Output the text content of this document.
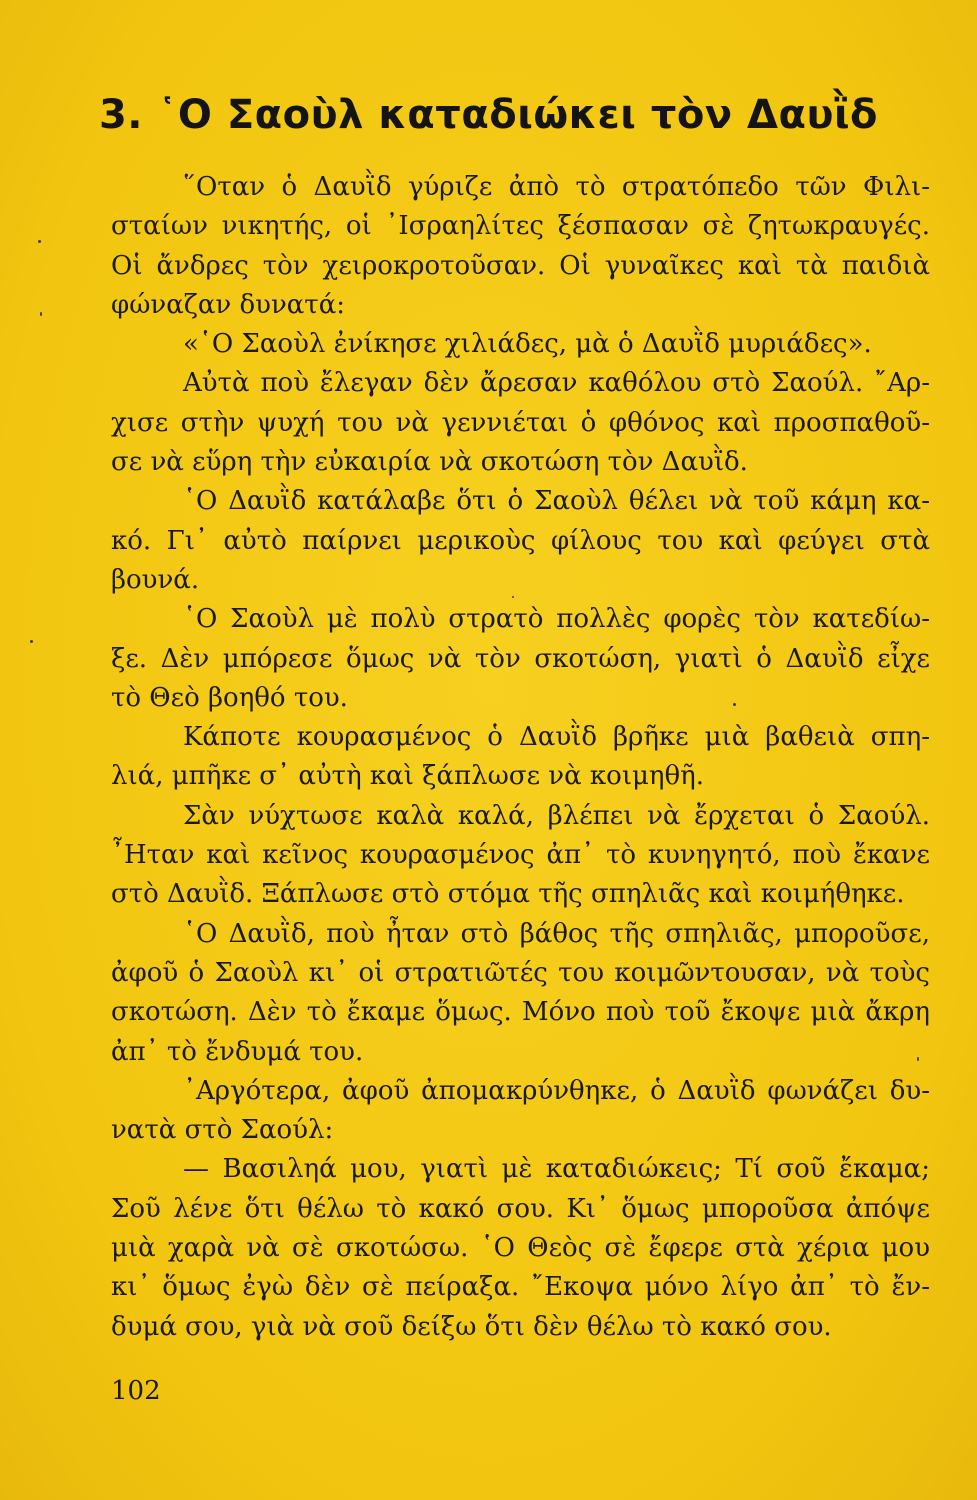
3. ῾Ο Σαοὺλ καταδιώκει τὸν Δαυῒδ
῞Οταν ὁ Δαυῒδ γύριζε ἀπὸ τὸ στρατόπεδο τῶν Φιλι-
σταίων νικητής, οἱ ᾿Ισραηλίτες ξέσπασαν σὲ ζητωκραυγές.
Οἱ ἄνδρες τὸν χειροκροτοῦσαν. Οἱ γυναῖκες καὶ τὰ παιδιὰ
φώναζαν δυνατά:
«῾Ο Σαοὺλ ἐνίκησε χιλιάδες, μὰ ὁ Δαυῒδ μυριάδες».
Αὐτὰ ποὺ ἔλεγαν δὲν ἄρεσαν καθόλου στὸ Σαούλ. ῎Αρ-
χισε στὴν ψυχή του νὰ γεννιέται ὁ φθόνος καὶ προσπαθοῦ-
σε νὰ εὕρη τὴν εὐκαιρία νὰ σκοτώση τὸν Δαυῒδ.
῾Ο Δαυῒδ κατάλαβε ὅτι ὁ Σαοὺλ θέλει νὰ τοῦ κάμη κα-
κό. Γι᾿ αὐτὸ παίρνει μερικοὺς φίλους του καὶ φεύγει στὰ
βουνά.
῾Ο Σαοὺλ μὲ πολὺ στρατὸ πολλὲς φορὲς τὸν κατεδίω-
ξε. Δὲν μπόρεσε ὅμως νὰ τὸν σκοτώση, γιατὶ ὁ Δαυῒδ εἶχε
τὸ Θεὸ βοηθό του.
Κάποτε κουρασμένος ὁ Δαυῒδ βρῆκε μιὰ βαθειὰ σπη-
λιά, μπῆκε σ᾿ αὐτὴ καὶ ξάπλωσε νὰ κοιμηθῆ.
Σὰν νύχτωσε καλὰ καλά, βλέπει νὰ ἔρχεται ὁ Σαούλ.
῏Ηταν καὶ κεῖνος κουρασμένος ἀπ᾿ τὸ κυνηγητό, ποὺ ἔκανε
στὸ Δαυῒδ. Ξάπλωσε στὸ στόμα τῆς σπηλιᾶς καὶ κοιμήθηκε.
῾Ο Δαυῒδ, ποὺ ἦταν στὸ βάθος τῆς σπηλιᾶς, μποροῦσε,
ἀφοῦ ὁ Σαοὺλ κι᾿ οἱ στρατιῶτές του κοιμῶντουσαν, νὰ τοὺς
σκοτώση. Δὲν τὸ ἔκαμε ὅμως. Μόνο ποὺ τοῦ ἔκοψε μιὰ ἄκρη
ἀπ᾿ τὸ ἔνδυμά του.
᾿Αργότερα, ἀφοῦ ἀπομακρύνθηκε, ὁ Δαυῒδ φωνάζει δυ-
νατὰ στὸ Σαούλ:
— Βασιληά μου, γιατὶ μὲ καταδιώκεις; Τί σοῦ ἔκαμα;
Σοῦ λένε ὅτι θέλω τὸ κακό σου. Κι᾿ ὅμως μποροῦσα ἀπόψε
μιὰ χαρὰ νὰ σὲ σκοτώσω. ῾Ο Θεὸς σὲ ἔφερε στὰ χέρια μου
κι᾿ ὅμως ἐγὼ δὲν σὲ πείραξα. ῎Εκοψα μόνο λίγο ἀπ᾿ τὸ ἔν-
δυμά σου, γιὰ νὰ σοῦ δείξω ὅτι δὲν θέλω τὸ κακό σου.
102
